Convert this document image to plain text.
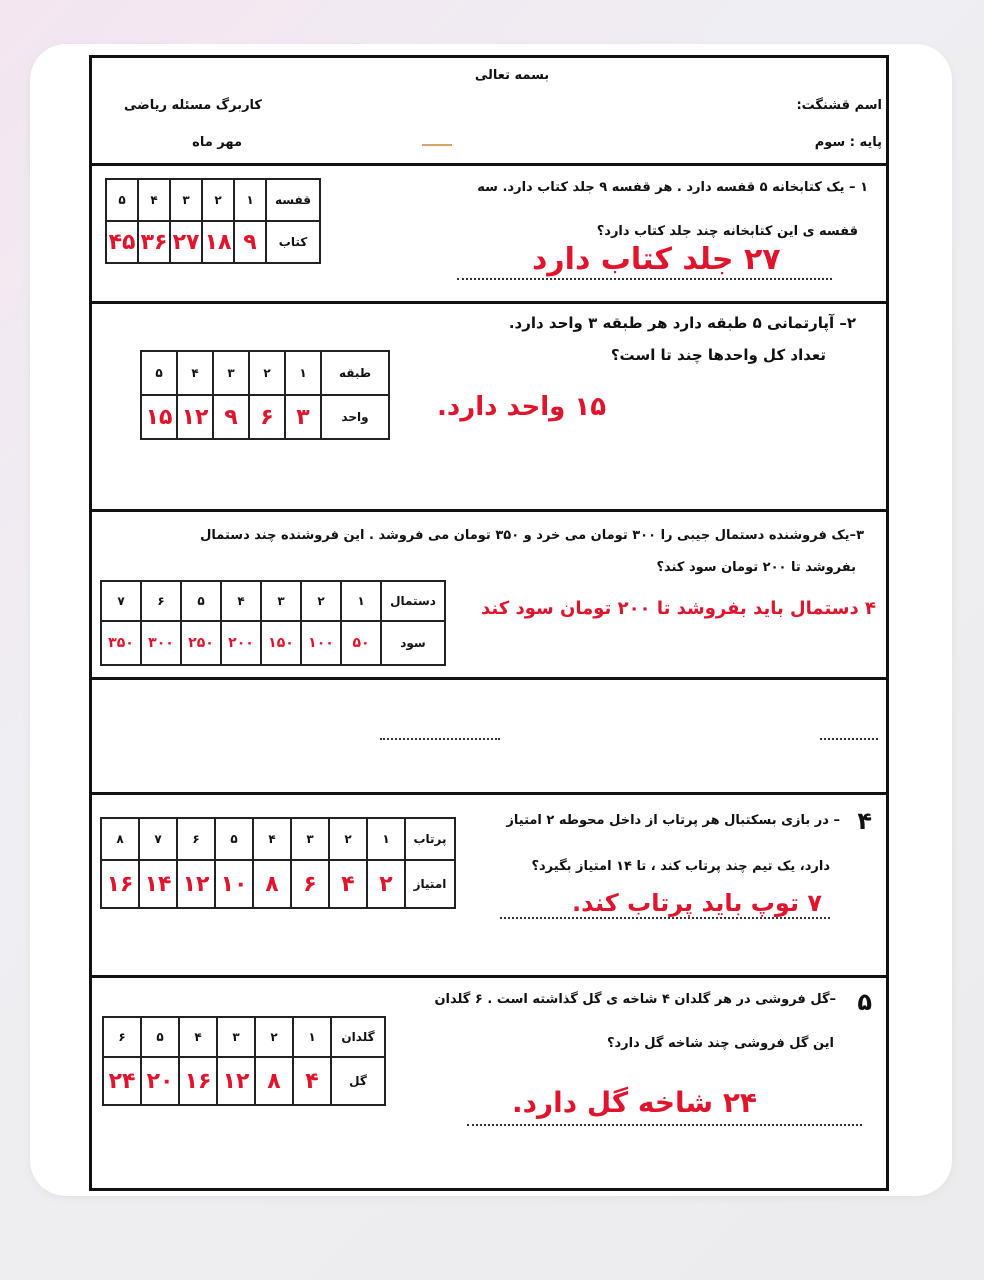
بسمه تعالی
کاربرگ مسئله ریاضی
مهر ماه
اسم قشنگت:
پایه : سوم
قفسه	۱	۲	۳	۴	۵
کتاب	۹	۱۸	۲۷	۳۶	۴۵
۱ – یک کتابخانه ۵ قفسه دارد . هر قفسه ۹ جلد کتاب دارد. سه
قفسه ی این کتابخانه چند جلد کتاب دارد؟
۲۷ جلد کتاب دارد
۲– آپارتمانی ۵ طبقه دارد هر طبقه ۳ واحد دارد.
تعداد کل واحدها چند تا است؟
طبقه	۱	۲	۳	۴	۵
واحد	۳	۶	۹	۱۲	۱۵	۱۵ واحد دارد.
۳–یک فروشنده دستمال جیبی را ۳۰۰ تومان می خرد و ۳۵۰ تومان می فروشد . این فروشنده چند دستمال
بفروشد تا ۲۰۰ تومان سود کند؟
دستمال	۱	۲	۳	۴	۵	۶	۷
سود	۵۰	۱۰۰	۱۵۰	۲۰۰	۲۵۰	۳۰۰	۳۵۰
۴ دستمال باید بفروشد تا ۲۰۰ تومان سود کند
۴
– در بازی بسکتبال هر پرتاب از داخل محوطه ۲ امتیاز
دارد، یک تیم چند پرتاب کند ، تا ۱۴ امتیاز بگیرد؟
پرتاب	۱	۲	۳	۴	۵	۶	۷	۸
امتیاز	۲	۴	۶	۸	۱۰	۱۲	۱۴	۱۶
۷ توپ باید پرتاب کند.
۵
–گل فروشی در هر گلدان ۴ شاخه ی گل گذاشته است . ۶ گلدان
این گل فروشی چند شاخه گل دارد؟
گلدان	۱	۲	۳	۴	۵	۶
گل	۴	۸	۱۲	۱۶	۲۰	۲۴
۲۴ شاخه گل دارد.
